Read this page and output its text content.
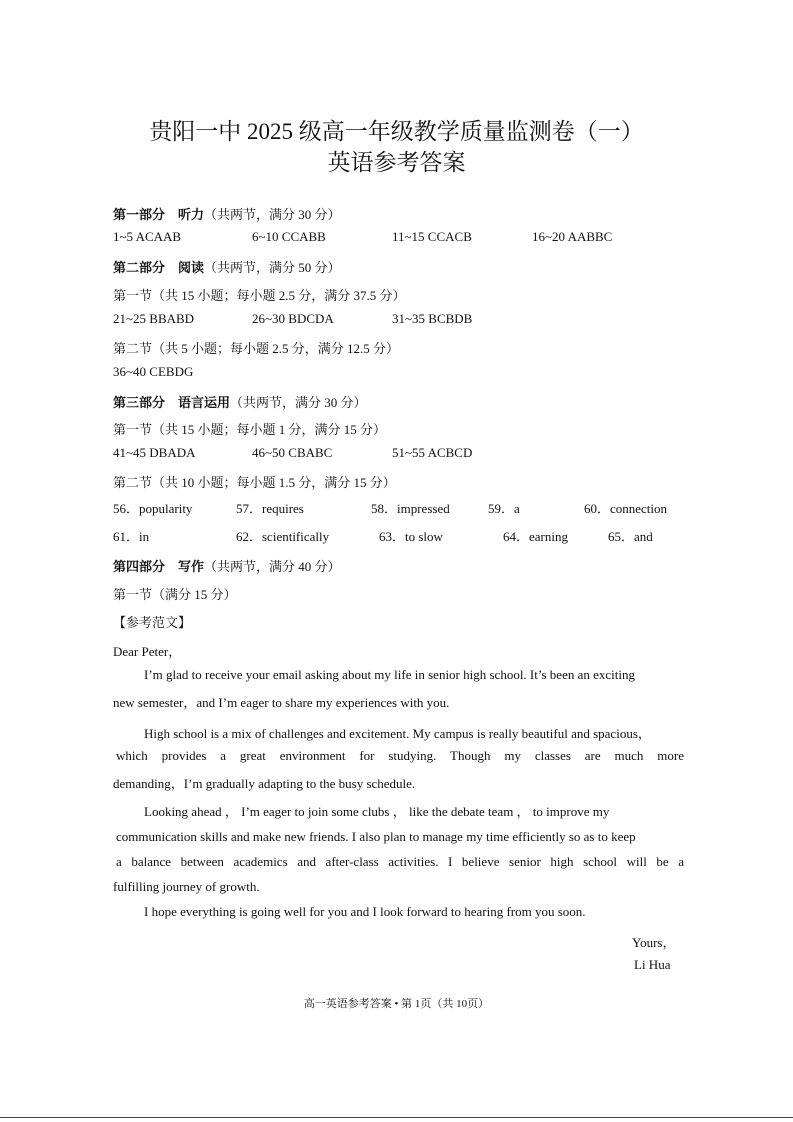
贵阳一中 2025 级高一年级教学质量监测卷（一）
英语参考答案
第一部分　听力（共两节，满分 30 分）
1~5 ACAAB	6~10 CCABB	11~15 CCACB	16~20 AABBC
第二部分　阅读（共两节，满分 50 分）
第一节（共 15 小题；每小题 2.5 分，满分 37.5 分）
21~25 BBABD	26~30 BDCDA	31~35 BCBDB
第二节（共 5 小题；每小题 2.5 分，满分 12.5 分）
36~40 CEBDG
第三部分　语言运用（共两节，满分 30 分）
第一节（共 15 小题；每小题 1 分，满分 15 分）
41~45 DBADA	46~50 CBABC	51~55 ACBCD
第二节（共 10 小题；每小题 1.5 分，满分 15 分）
56．popularity	57．requires	58．impressed	59．a	60．connection
61．in	62．scientifically	63．to slow	64．earning	65．and
第四部分　写作（共两节，满分 40 分）
第一节（满分 15 分）
【参考范文】
Dear Peter，
I’m glad to receive your email asking about my life in senior high school. It’s been an exciting
new semester，and I’m eager to share my experiences with you.
High school is a mix of challenges and excitement. My campus is really beautiful and spacious，
which provides a great environment for studying. Though my classes are much more
demanding，I’m gradually adapting to the busy schedule.
Looking ahead ， I’m eager to join some clubs ， like the debate team ， to improve my
communication skills and make new friends. I also plan to manage my time efficiently so as to keep
a balance between academics and after-class activities. I believe senior high school will be a
fulfilling journey of growth.
I hope everything is going well for you and I look forward to hearing from you soon.
Yours，
Li Hua
高一英语参考答案 • 第 1页（共 10页）
